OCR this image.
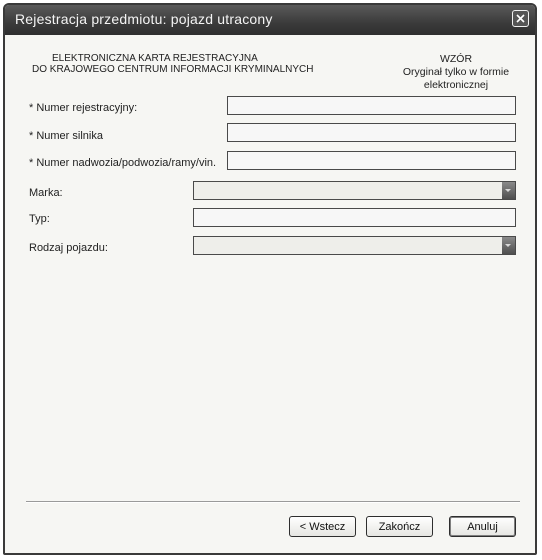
Rejestracja przedmiotu: pojazd utracony
ELEKTRONICZNA KARTA REJESTRACYJNA
DO KRAJOWEGO CENTRUM INFORMACJI KRYMINALNYCH
WZÓR
Oryginał tylko w formie
elektronicznej
* Numer rejestracyjny:
* Numer silnika
* Numer nadwozia/podwozia/ramy/vin.
Marka:
Typ:
Rodzaj pojazdu:
< Wstecz	Zakończ	Anuluj
